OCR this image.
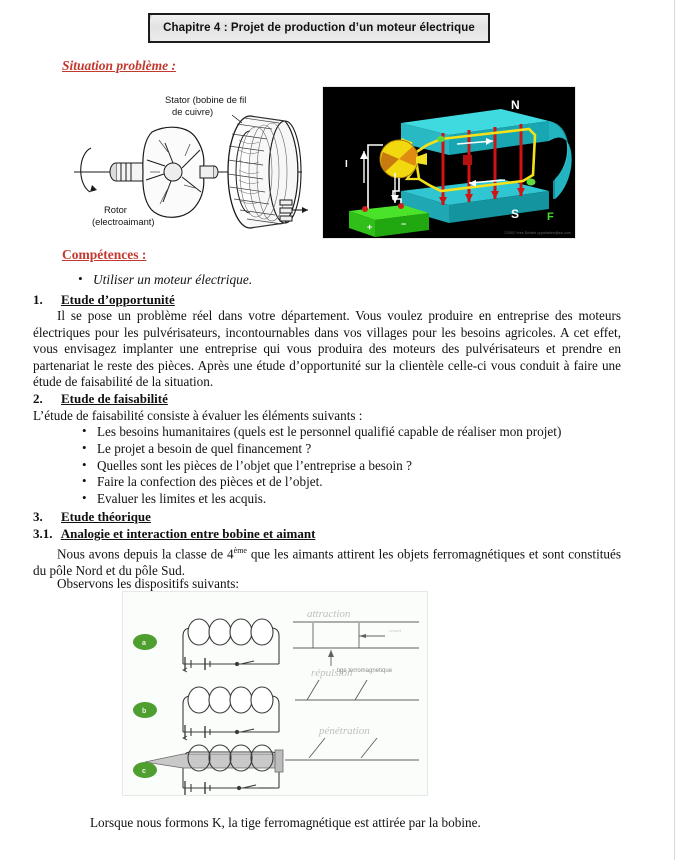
Chapitre 4 : Projet de production d’un moteur électrique
Situation problème :
Stator (bobine de fil
de cuivre)
Rotor
(electroaimant)
I
+	−
N
S	F
©2002 Yves Delatte cyparlatien@aol.com
Compétences :
• Utiliser un moteur électrique.
1. Etude d’opportunité
Il se pose un problème réel dans votre département. Vous voulez produire en entreprise des moteurs électriques pour les pulvérisateurs, incontournables dans vos villages pour les besoins agricoles. A cet effet, vous envisagez implanter une entreprise qui vous produira des moteurs des pulvérisateurs et prendre en partenariat le reste des pièces. Après une étude d’opportunité sur la clientèle celle-ci vous conduit à faire une étude de faisabilité de la situation.
2. Etude de faisabilité
L’étude de faisabilité consiste à évaluer les éléments suivants :
• Les besoins humanitaires (quels est le personnel qualifié capable de réaliser mon projet)
• Le projet a besoin de quel financement ?
• Quelles sont les pièces de l’objet que l’entreprise a besoin ?
• Faire la confection des pièces et de l’objet.
• Evaluer les limites et les acquis.
3. Etude théorique
3.1. Analogie et interaction entre bobine et aimant
Nous avons depuis la classe de 4ème que les aimants attirent les objets ferromagnétiques et sont constitués du pôle Nord et du pôle Sud.
Observons les dispositifs suivants:
a
attraction
ressort
tige ferromagnétique
b
répulsion
c
pénétration
Lorsque nous formons K, la tige ferromagnétique est attirée par la bobine.
